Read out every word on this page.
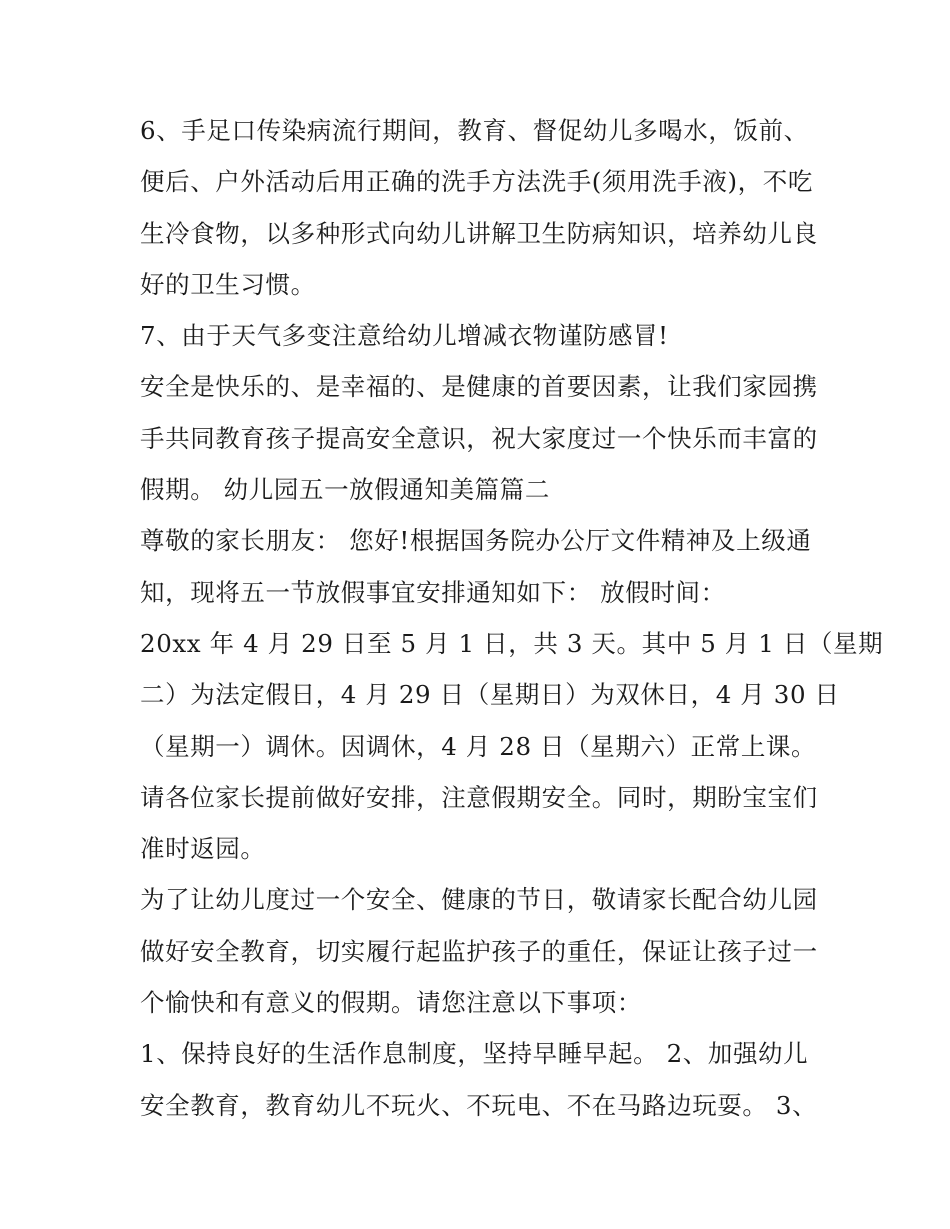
6、手足口传染病流行期间，教育、督促幼儿多喝水，饭前、
便后、户外活动后用正确的洗手方法洗手(须用洗手液)，不吃
生冷食物，以多种形式向幼儿讲解卫生防病知识，培养幼儿良
好的卫生习惯。
7、由于天气多变注意给幼儿增减衣物谨防感冒!
安全是快乐的、是幸福的、是健康的首要因素，让我们家园携
手共同教育孩子提高安全意识，祝大家度过一个快乐而丰富的
假期。 幼儿园五一放假通知美篇篇二
尊敬的家长朋友： 您好!根据国务院办公厅文件精神及上级通
知，现将五一节放假事宜安排通知如下： 放假时间：
20xx 年 4 月 29 日至 5 月 1 日，共 3 天。其中 5 月 1 日（星期
二）为法定假日，4 月 29 日（星期日）为双休日，4 月 30 日
（星期一）调休。因调休，4 月 28 日（星期六）正常上课。
请各位家长提前做好安排，注意假期安全。同时，期盼宝宝们
准时返园。
为了让幼儿度过一个安全、健康的节日，敬请家长配合幼儿园
做好安全教育，切实履行起监护孩子的重任，保证让孩子过一
个愉快和有意义的假期。请您注意以下事项：
1、保持良好的生活作息制度，坚持早睡早起。 2、加强幼儿
安全教育，教育幼儿不玩火、不玩电、不在马路边玩耍。 3、
